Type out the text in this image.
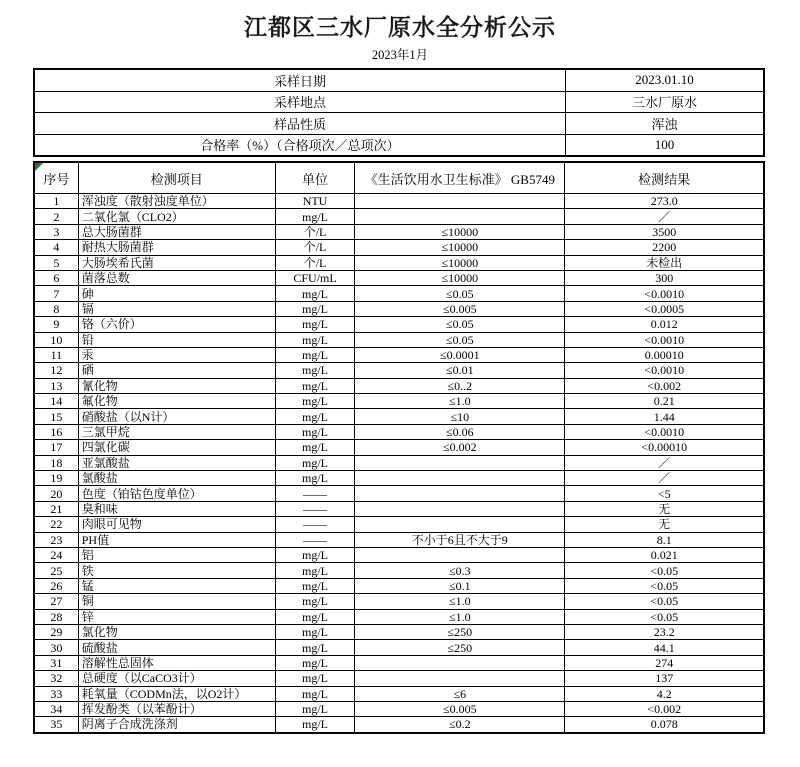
江都区三水厂原水全分析公示
2023年1月
采样日期	2023.01.10
采样地点	三水厂原水
样品性质	浑浊
合格率（%）（合格项次／总项次）	100
序号	检测项目	单位	《生活饮用水卫生标准》 GB5749	检测结果
1	浑浊度（散射浊度单位）	NTU		273.0
2	二氧化氯（CLO2）	mg/L		／
3	总大肠菌群	个/L	≤10000	3500
4	耐热大肠菌群	个/L	≤10000	2200
5	大肠埃希氏菌	个/L	≤10000	未检出
6	菌落总数	CFU/mL	≤10000	300
7	砷	mg/L	≤0.05	<0.0010
8	镉	mg/L	≤0.005	<0.0005
9	铬（六价）	mg/L	≤0.05	0.012
10	铅	mg/L	≤0.05	<0.0010
11	汞	mg/L	≤0.0001	0.00010
12	硒	mg/L	≤0.01	<0.0010
13	氰化物	mg/L	≤0..2	<0.002
14	氟化物	mg/L	≤1.0	0.21
15	硝酸盐（以N计）	mg/L	≤10	1.44
16	三氯甲烷	mg/L	≤0.06	<0.0010
17	四氯化碳	mg/L	≤0.002	<0.00010
18	亚氯酸盐	mg/L		／
19	氯酸盐	mg/L		／
20	色度（铂钴色度单位）	——		<5
21	臭和味	——		无
22	肉眼可见物	——		无
23	PH值	——	不小于6且不大于9	8.1
24	铝	mg/L		0.021
25	铁	mg/L	≤0.3	<0.05
26	锰	mg/L	≤0.1	<0.05
27	铜	mg/L	≤1.0	<0.05
28	锌	mg/L	≤1.0	<0.05
29	氯化物	mg/L	≤250	23.2
30	硫酸盐	mg/L	≤250	44.1
31	溶解性总固体	mg/L		274
32	总硬度（以CaCO3计）	mg/L		137
33	耗氧量（CODMn法，以O2计）	mg/L	≤6	4.2
34	挥发酚类（以苯酚计）	mg/L	≤0.005	<0.002
35	阴离子合成洗涤剂	mg/L	≤0.2	0.078
